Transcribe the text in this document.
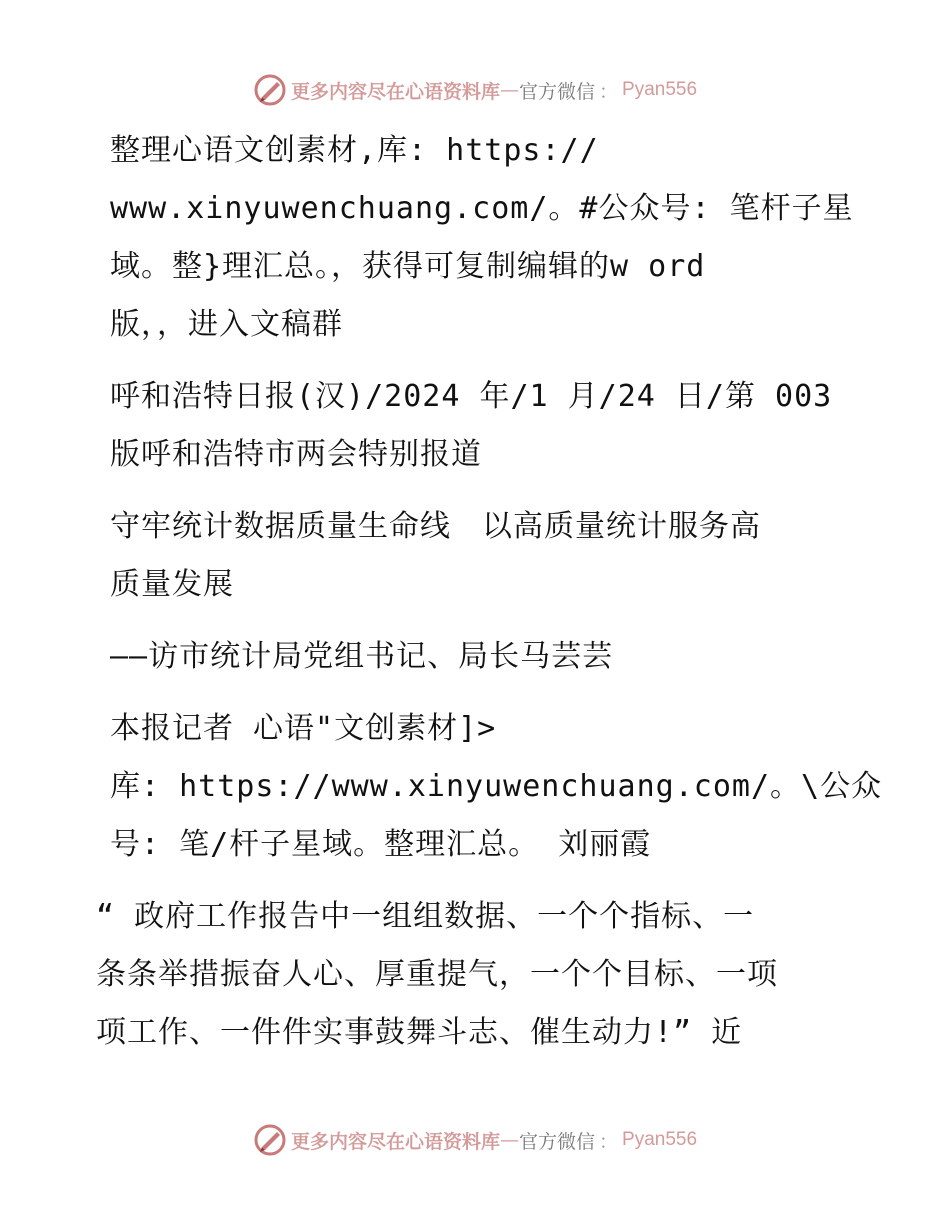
更多内容尽在心语资料库 — 官方微信 ： Pyan556

整理心语文创素材,库: https://
www.xinyuwenchuang.com/。#公众号: 笔杆子星
域。整}理汇总。，获得可复制编辑的w ord
版，，进入文稿群

呼和浩特日报(汉)/2024 年/1 月/24 日/第 003
版呼和浩特市两会特别报道

守牢统计数据质量生命线　以高质量统计服务高
质量发展

——访市统计局党组书记、局长马芸芸

本报记者 心语"文创素材]>
库: https://www.xinyuwenchuang.com/。\公众
号: 笔/杆子星域。整理汇总。 刘丽霞

“ 政府工作报告中一组组数据、一个个指标、一
条条举措振奋人心、厚重提气，一个个目标、一项
项工作、一件件实事鼓舞斗志、催生动力!” 近

更多内容尽在心语资料库 — 官方微信 ： Pyan556
